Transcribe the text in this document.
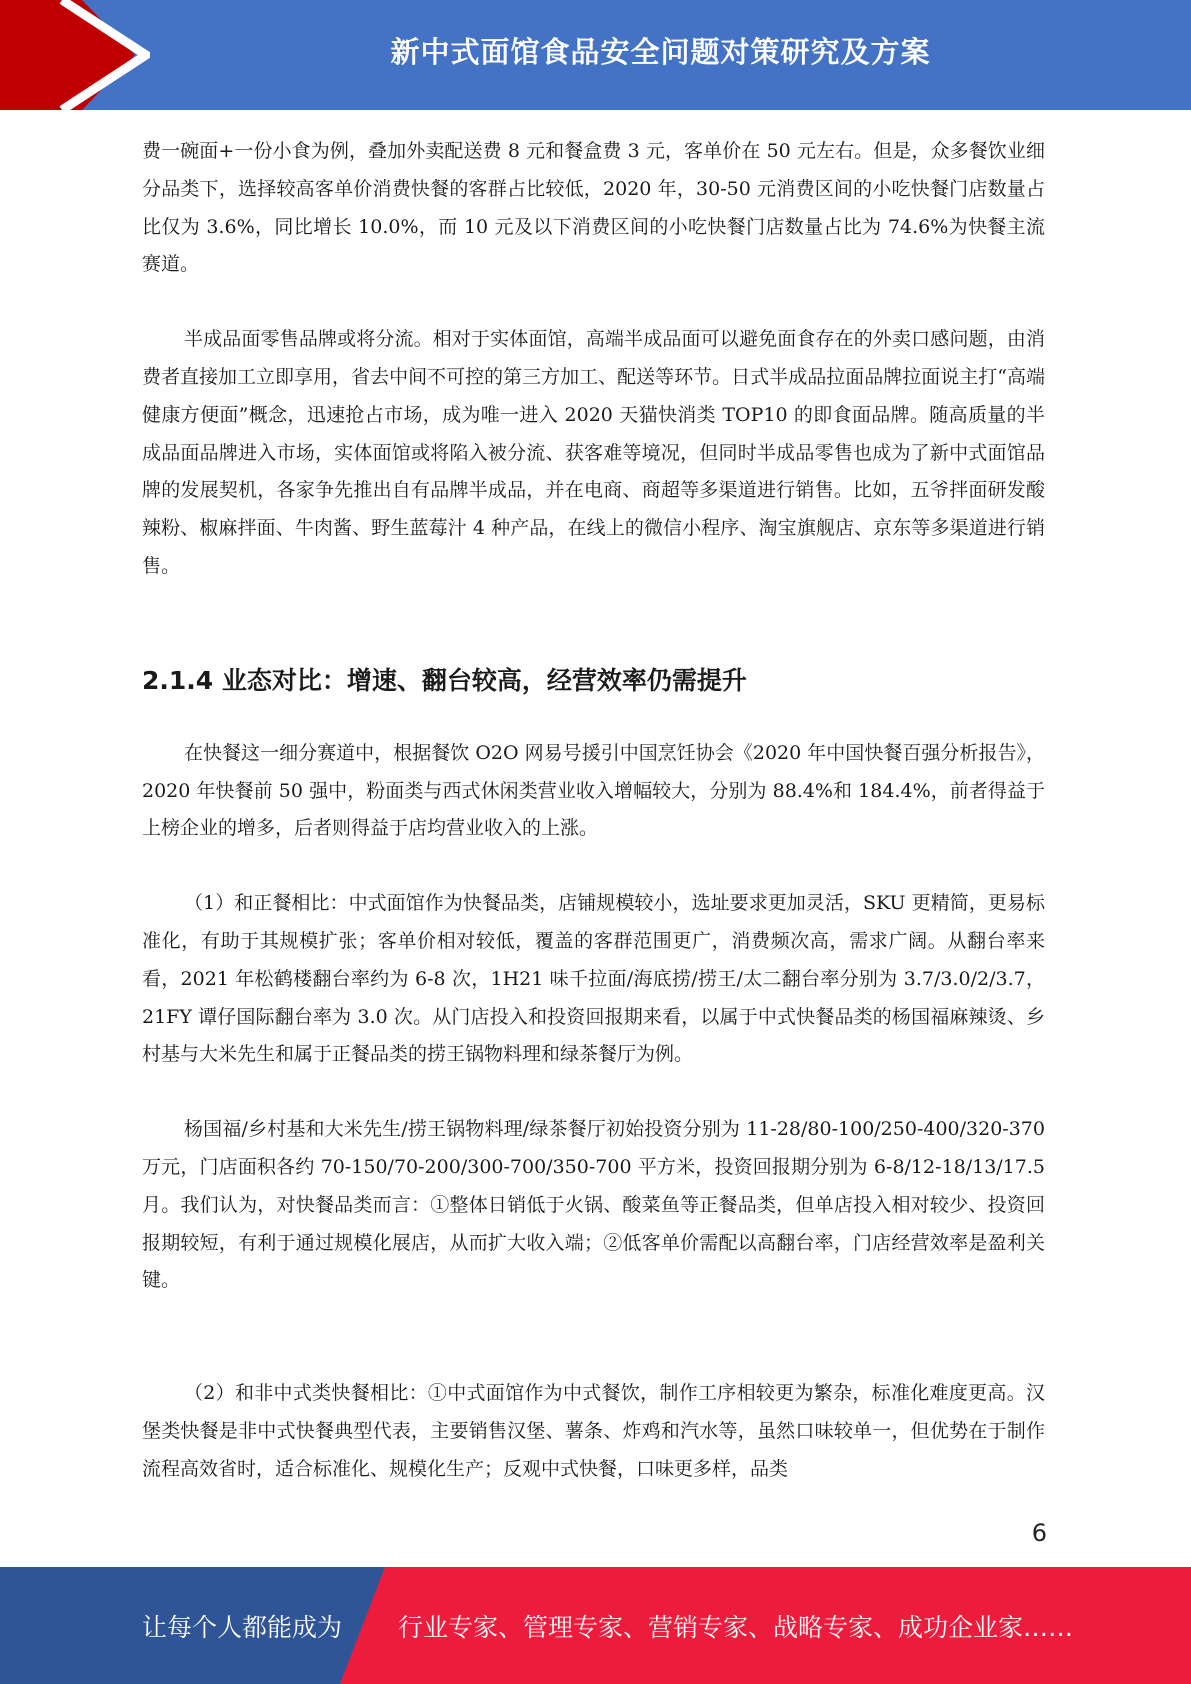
新中式面馆食品安全问题对策研究及方案

费一碗面+一份小食为例，叠加外卖配送费 8 元和餐盒费 3 元，客单价在 50 元左右。但是，众多餐饮业细分品类下，选择较高客单价消费快餐的客群占比较低，2020 年，30-50 元消费区间的小吃快餐门店数量占比仅为 3.6%，同比增长 10.0%，而 10 元及以下消费区间的小吃快餐门店数量占比为 74.6%为快餐主流赛道。

半成品面零售品牌或将分流。相对于实体面馆，高端半成品面可以避免面食存在的外卖口感问题，由消费者直接加工立即享用，省去中间不可控的第三方加工、配送等环节。日式半成品拉面品牌拉面说主打“高端健康方便面”概念，迅速抢占市场，成为唯一进入 2020 天猫快消类 TOP10 的即食面品牌。随高质量的半成品面品牌进入市场，实体面馆或将陷入被分流、获客难等境况，但同时半成品零售也成为了新中式面馆品牌的发展契机，各家争先推出自有品牌半成品，并在电商、商超等多渠道进行销售。比如，五爷拌面研发酸辣粉、椒麻拌面、牛肉酱、野生蓝莓汁 4 种产品，在线上的微信小程序、淘宝旗舰店、京东等多渠道进行销售。

2.1.4 业态对比：增速、翻台较高，经营效率仍需提升

在快餐这一细分赛道中，根据餐饮 O2O 网易号援引中国烹饪协会《2020 年中国快餐百强分析报告》，2020 年快餐前 50 强中，粉面类与西式休闲类营业收入增幅较大，分别为 88.4%和 184.4%，前者得益于上榜企业的增多，后者则得益于店均营业收入的上涨。

（1）和正餐相比：中式面馆作为快餐品类，店铺规模较小，选址要求更加灵活，SKU 更精简，更易标准化，有助于其规模扩张；客单价相对较低，覆盖的客群范围更广，消费频次高，需求广阔。从翻台率来看，2021 年松鹤楼翻台率约为 6-8 次，1H21 味千拉面/海底捞/捞王/太二翻台率分别为 3.7/3.0/2/3.7，21FY 谭仔国际翻台率为 3.0 次。从门店投入和投资回报期来看，以属于中式快餐品类的杨国福麻辣烫、乡村基与大米先生和属于正餐品类的捞王锅物料理和绿茶餐厅为例。

杨国福/乡村基和大米先生/捞王锅物料理/绿茶餐厅初始投资分别为 11-28/80-100/250-400/320-370 万元，门店面积各约 70-150/70-200/300-700/350-700 平方米，投资回报期分别为 6-8/12-18/13/17.5 月。我们认为，对快餐品类而言：①整体日销低于火锅、酸菜鱼等正餐品类，但单店投入相对较少、投资回报期较短，有利于通过规模化展店，从而扩大收入端；②低客单价需配以高翻台率，门店经营效率是盈利关键。

（2）和非中式类快餐相比：①中式面馆作为中式餐饮，制作工序相较更为繁杂，标准化难度更高。汉堡类快餐是非中式快餐典型代表，主要销售汉堡、薯条、炸鸡和汽水等，虽然口味较单一，但优势在于制作流程高效省时，适合标准化、规模化生产；反观中式快餐，口味更多样，品类

6
让每个人都能成为 行业专家、管理专家、营销专家、战略专家、成功企业家……
